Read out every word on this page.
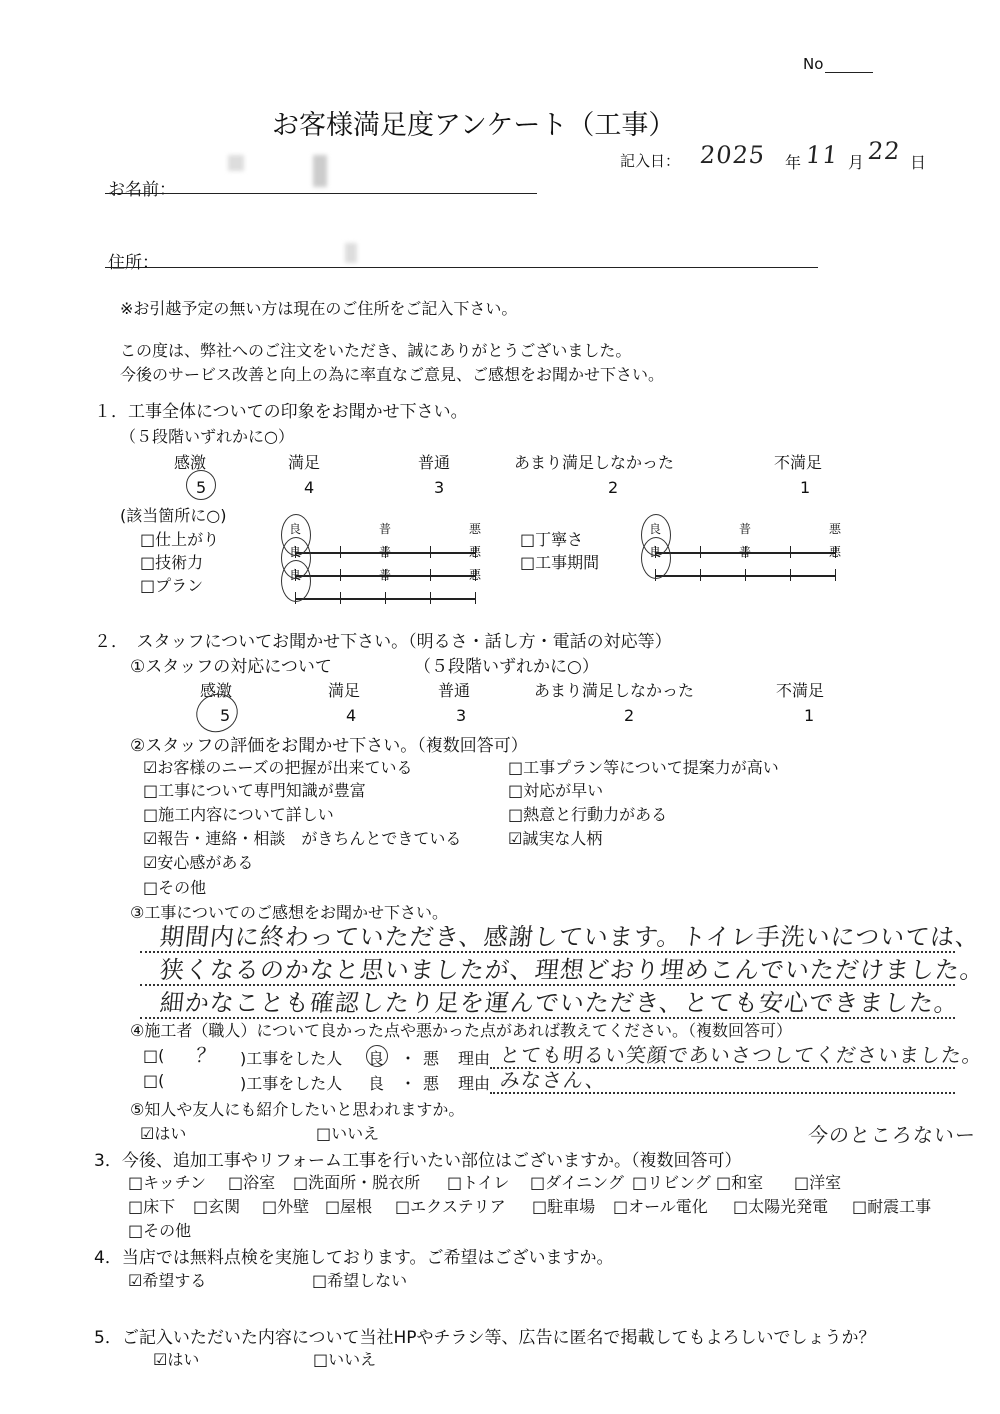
No
お客様満足度アンケート（工事）
記入日： 2025 年 11 月 22 日
お名前：
住所：
※お引越予定の無い方は現在のご住所をご記入下さい。
この度は、弊社へのご注文をいただき、誠にありがとうございました。
今後のサービス改善と向上の為に率直なご意見、ご感想をお聞かせ下さい。
１．工事全体についての印象をお聞かせ下さい。
（５段階いずれかに○）
感激
5
満足
4
普通
3
あまり満足しなかった
2
不満足
1
(該当箇所に○)
□仕上がり
□技術力
□プラン
□丁寧さ
□工事期間
良	普	悪
良	普	悪
良	普	悪
良	普	悪
良	普	悪
２．　スタッフについてお聞かせ下さい。（明るさ・話し方・電話の対応等）
①スタッフの対応について	（５段階いずれかに○）
感激
5
満足
4
普通
3
あまり満足しなかった
2
不満足
1
②スタッフの評価をお聞かせ下さい。（複数回答可）
☑お客様のニーズの把握が出来ている	□工事プラン等について提案力が高い
□工事について専門知識が豊富	□対応が早い
□施工内容について詳しい	□熱意と行動力がある
☑報告・連絡・相談　がきちんとできている	☑誠実な人柄
☑安心感がある
□その他
③工事についてのご感想をお聞かせ下さい。
期間内に終わっていただき、感謝しています。トイレ手洗いについては、
狭くなるのかなと思いましたが、理想どおり埋めこんでいただけました。
細かなことも確認したり足を運んでいただき、とても安心できました。
④施工者（職人）について良かった点や悪かった点があれば教えてください。（複数回答可）
□( ？ )工事をした人 良 ・ 悪 理由 とても明るい笑顔であいさつしてくださいました。
□(	)工事をした人 良 ・ 悪 理由 みなさん、
⑤知人や友人にも紹介したいと思われますか。
☑はい	□いいえ
3．今後、追加工事やリフォーム工事を行いたい部位はございますか。（複数回答可）
今のところないー
□キッチン □浴室 □洗面所・脱衣所 □トイレ □ダイニング □リビング □和室 □洋室
□床下 □玄関 □外壁 □屋根 □エクステリア □駐車場 □オール電化 □太陽光発電 □耐震工事
□その他
4．当店では無料点検を実施しております。ご希望はございますか。
☑希望する	□希望しない
5．ご記入いただいた内容について当社HPやチラシ等、広告に匿名で掲載してもよろしいでしょうか？
☑はい	□いいえ
